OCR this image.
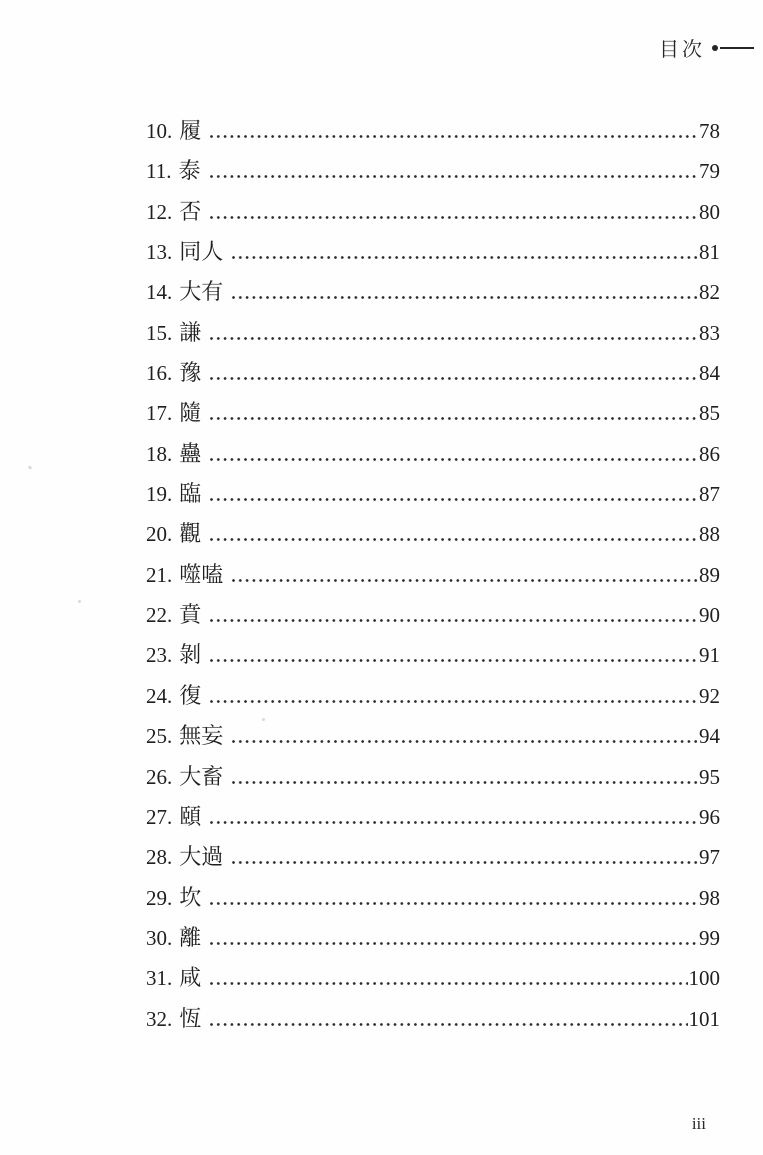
目次
10. 履	78
11. 泰	79
12. 否	80
13. 同人	81
14. 大有	82
15. 謙	83
16. 豫	84
17. 隨	85
18. 蠱	86
19. 臨	87
20. 觀	88
21. 噬嗑	89
22. 賁	90
23. 剝	91
24. 復	92
25. 無妄	94
26. 大畜	95
27. 頤	96
28. 大過	97
29. 坎	98
30. 離	99
31. 咸	100
32. 恆	101
iii
